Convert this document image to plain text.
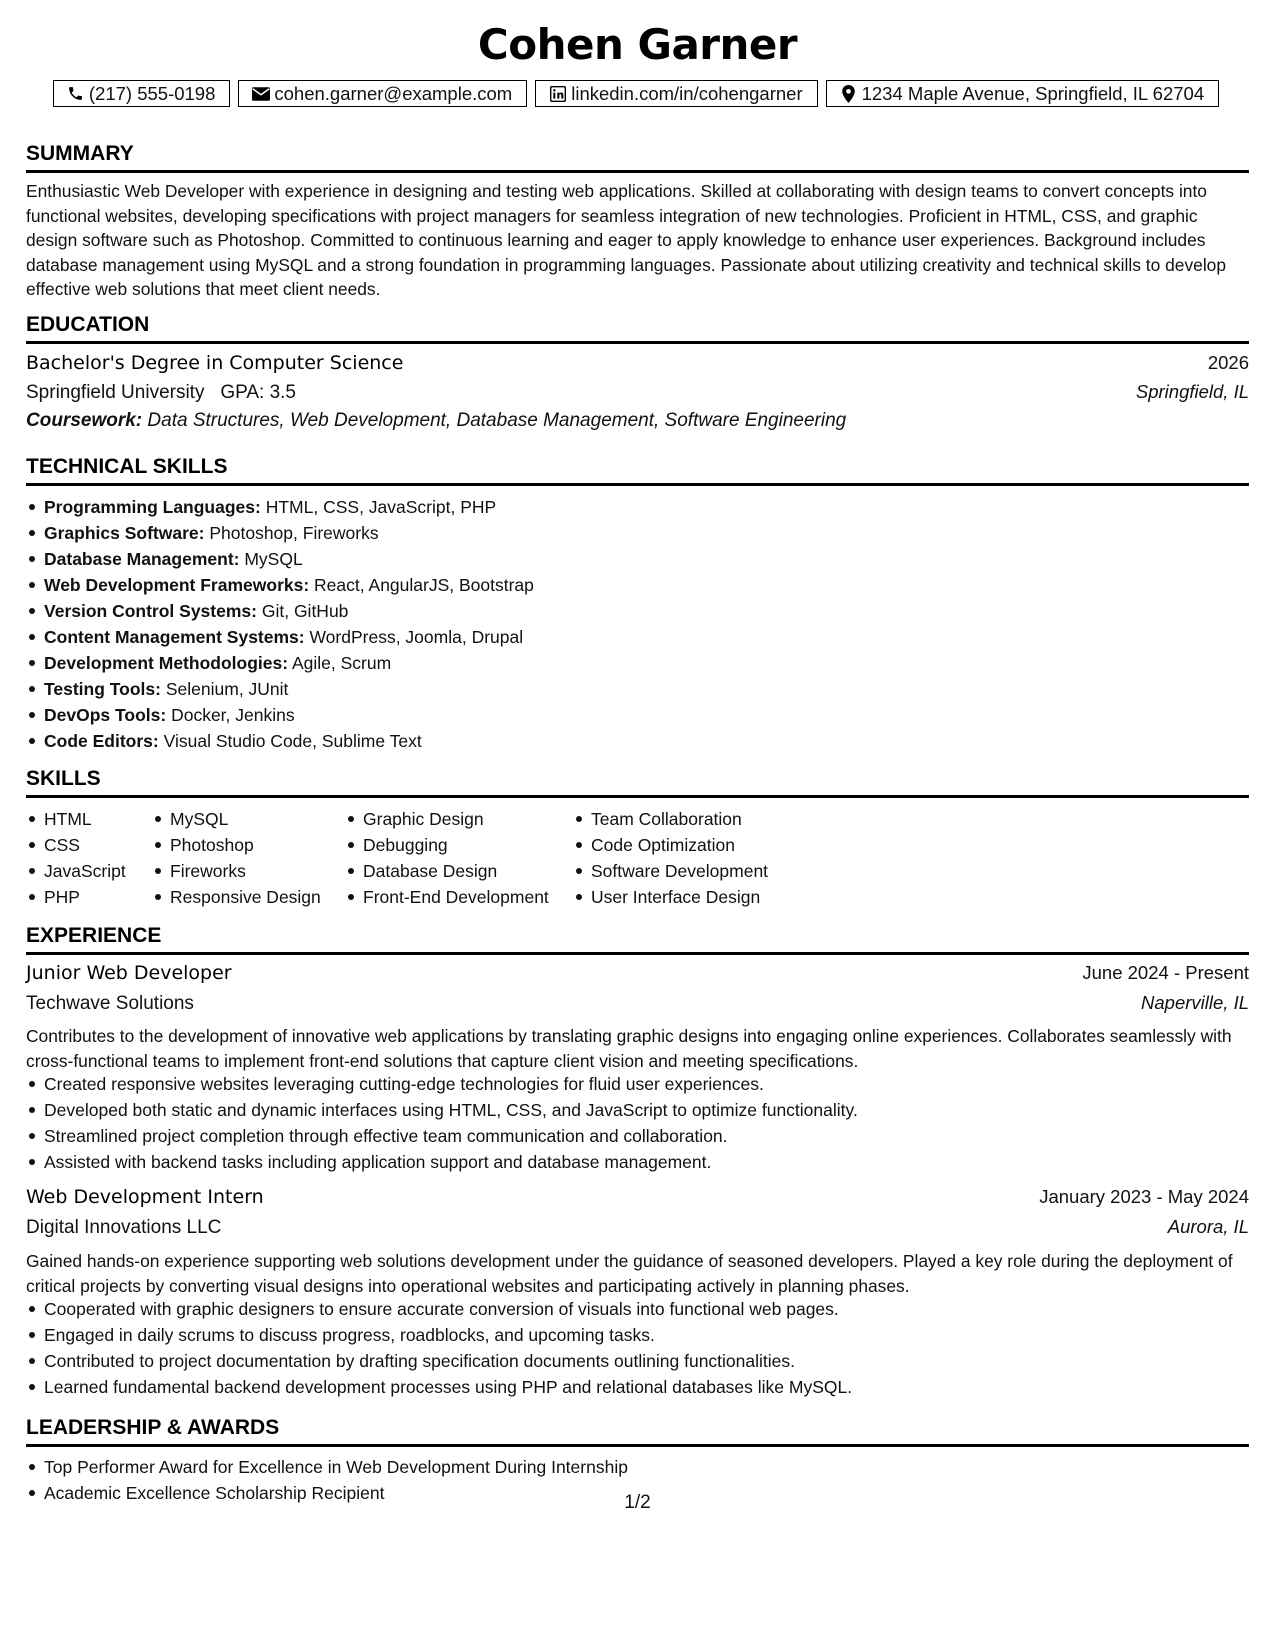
Cohen Garner
(217) 555-0198	cohen.garner@example.com	linkedin.com/in/cohengarner	1234 Maple Avenue, Springfield, IL 62704
SUMMARY
Enthusiastic Web Developer with experience in designing and testing web applications. Skilled at collaborating with design teams to convert concepts into functional websites, developing specifications with project managers for seamless integration of new technologies. Proficient in HTML, CSS, and graphic design software such as Photoshop. Committed to continuous learning and eager to apply knowledge to enhance user experiences. Background includes database management using MySQL and a strong foundation in programming languages. Passionate about utilizing creativity and technical skills to develop effective web solutions that meet client needs.
EDUCATION
Bachelor's Degree in Computer Science	2026
Springfield University GPA: 3.5	Springfield, IL
Coursework: Data Structures, Web Development, Database Management, Software Engineering
TECHNICAL SKILLS
Programming Languages: HTML, CSS, JavaScript, PHP
Graphics Software: Photoshop, Fireworks
Database Management: MySQL
Web Development Frameworks: React, AngularJS, Bootstrap
Version Control Systems: Git, GitHub
Content Management Systems: WordPress, Joomla, Drupal
Development Methodologies: Agile, Scrum
Testing Tools: Selenium, JUnit
DevOps Tools: Docker, Jenkins
Code Editors: Visual Studio Code, Sublime Text
SKILLS
HTML
CSS
JavaScript
PHP
MySQL
Photoshop
Fireworks
Responsive Design
Graphic Design
Debugging
Database Design
Front-End Development
Team Collaboration
Code Optimization
Software Development
User Interface Design
EXPERIENCE
Junior Web Developer	June 2024 - Present
Techwave Solutions	Naperville, IL
Contributes to the development of innovative web applications by translating graphic designs into engaging online experiences. Collaborates seamlessly with cross-functional teams to implement front-end solutions that capture client vision and meeting specifications.
Created responsive websites leveraging cutting-edge technologies for fluid user experiences.
Developed both static and dynamic interfaces using HTML, CSS, and JavaScript to optimize functionality.
Streamlined project completion through effective team communication and collaboration.
Assisted with backend tasks including application support and database management.
Web Development Intern	January 2023 - May 2024
Digital Innovations LLC	Aurora, IL
Gained hands-on experience supporting web solutions development under the guidance of seasoned developers. Played a key role during the deployment of critical projects by converting visual designs into operational websites and participating actively in planning phases.
Cooperated with graphic designers to ensure accurate conversion of visuals into functional web pages.
Engaged in daily scrums to discuss progress, roadblocks, and upcoming tasks.
Contributed to project documentation by drafting specification documents outlining functionalities.
Learned fundamental backend development processes using PHP and relational databases like MySQL.
LEADERSHIP & AWARDS
Top Performer Award for Excellence in Web Development During Internship
Academic Excellence Scholarship Recipient	1/2
